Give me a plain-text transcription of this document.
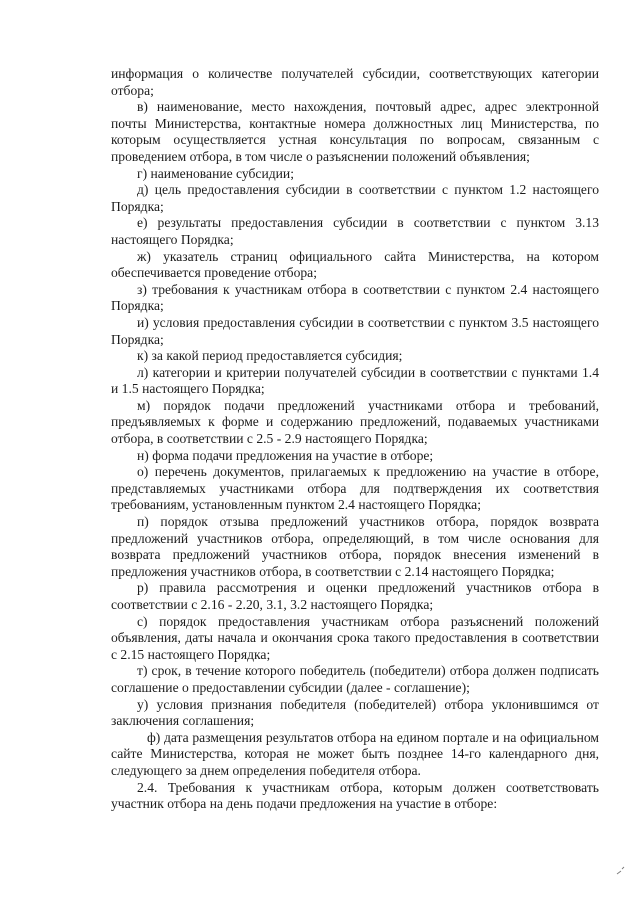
информация о количестве получателей субсидии, соответствующих категории отбора;

в) наименование, место нахождения, почтовый адрес, адрес электронной почты Министерства, контактные номера должностных лиц Министерства, по которым осуществляется устная консультация по вопросам, связанным с проведением отбора, в том числе о разъяснении положений объявления;

г) наименование субсидии;

д) цель предоставления субсидии в соответствии с пунктом 1.2 настоящего Порядка;

е) результаты предоставления субсидии в соответствии с пунктом 3.13 настоящего Порядка;

ж) указатель страниц официального сайта Министерства, на котором обеспечивается проведение отбора;

з) требования к участникам отбора в соответствии с пунктом 2.4 настоящего Порядка;

и) условия предоставления субсидии в соответствии с пунктом 3.5 настоящего Порядка;

к) за какой период предоставляется субсидия;

л) категории и критерии получателей субсидии в соответствии с пунктами 1.4 и 1.5 настоящего Порядка;

м) порядок подачи предложений участниками отбора и требований, предъявляемых к форме и содержанию предложений, подаваемых участниками отбора, в соответствии с 2.5 - 2.9 настоящего Порядка;

н) форма подачи предложения на участие в отборе;

о) перечень документов, прилагаемых к предложению на участие в отборе, представляемых участниками отбора для подтверждения их соответствия требованиям, установленным пунктом 2.4 настоящего Порядка;

п) порядок отзыва предложений участников отбора, порядок возврата предложений участников отбора, определяющий, в том числе основания для возврата предложений участников отбора, порядок внесения изменений в предложения участников отбора, в соответствии с 2.14 настоящего Порядка;

р) правила рассмотрения и оценки предложений участников отбора в соответствии с 2.16 - 2.20, 3.1, 3.2 настоящего Порядка;

с) порядок предоставления участникам отбора разъяснений положений объявления, даты начала и окончания срока такого предоставления в соответствии с 2.15 настоящего Порядка;

т) срок, в течение которого победитель (победители) отбора должен подписать соглашение о предоставлении субсидии (далее - соглашение);

у) условия признания победителя (победителей) отбора уклонившимся от заключения соглашения;

ф) дата размещения результатов отбора на едином портале и на официальном сайте Министерства, которая не может быть позднее 14-го календарного дня, следующего за днем определения победителя отбора.

2.4. Требования к участникам отбора, которым должен соответствовать участник отбора на день подачи предложения на участие в отборе:
